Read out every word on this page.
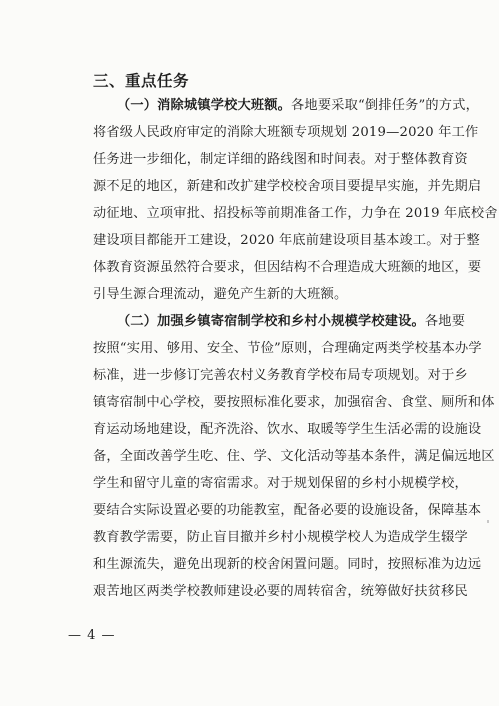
三、重点任务
（一）消除城镇学校大班额。各地要采取“倒排任务”的方式，
将省级人民政府审定的消除大班额专项规划 2019—2020 年工作
任务进一步细化，制定详细的路线图和时间表。对于整体教育资
源不足的地区，新建和改扩建学校校舍项目要提早实施，并先期启
动征地、立项审批、招投标等前期准备工作，力争在 2019 年底校舍
建设项目都能开工建设，2020 年底前建设项目基本竣工。对于整
体教育资源虽然符合要求，但因结构不合理造成大班额的地区，要
引导生源合理流动，避免产生新的大班额。
（二）加强乡镇寄宿制学校和乡村小规模学校建设。各地要
按照“实用、够用、安全、节俭”原则，合理确定两类学校基本办学
标准，进一步修订完善农村义务教育学校布局专项规划。对于乡
镇寄宿制中心学校，要按照标准化要求，加强宿舍、食堂、厕所和体
育运动场地建设，配齐洗浴、饮水、取暖等学生生活必需的设施设
备，全面改善学生吃、住、学、文化活动等基本条件，满足偏远地区
学生和留守儿童的寄宿需求。对于规划保留的乡村小规模学校，
要结合实际设置必要的功能教室，配备必要的设施设备，保障基本
教育教学需要，防止盲目撤并乡村小规模学校人为造成学生辍学
和生源流失，避免出现新的校舍闲置问题。同时，按照标准为边远
艰苦地区两类学校教师建设必要的周转宿舍，统筹做好扶贫移民
— 4 —
